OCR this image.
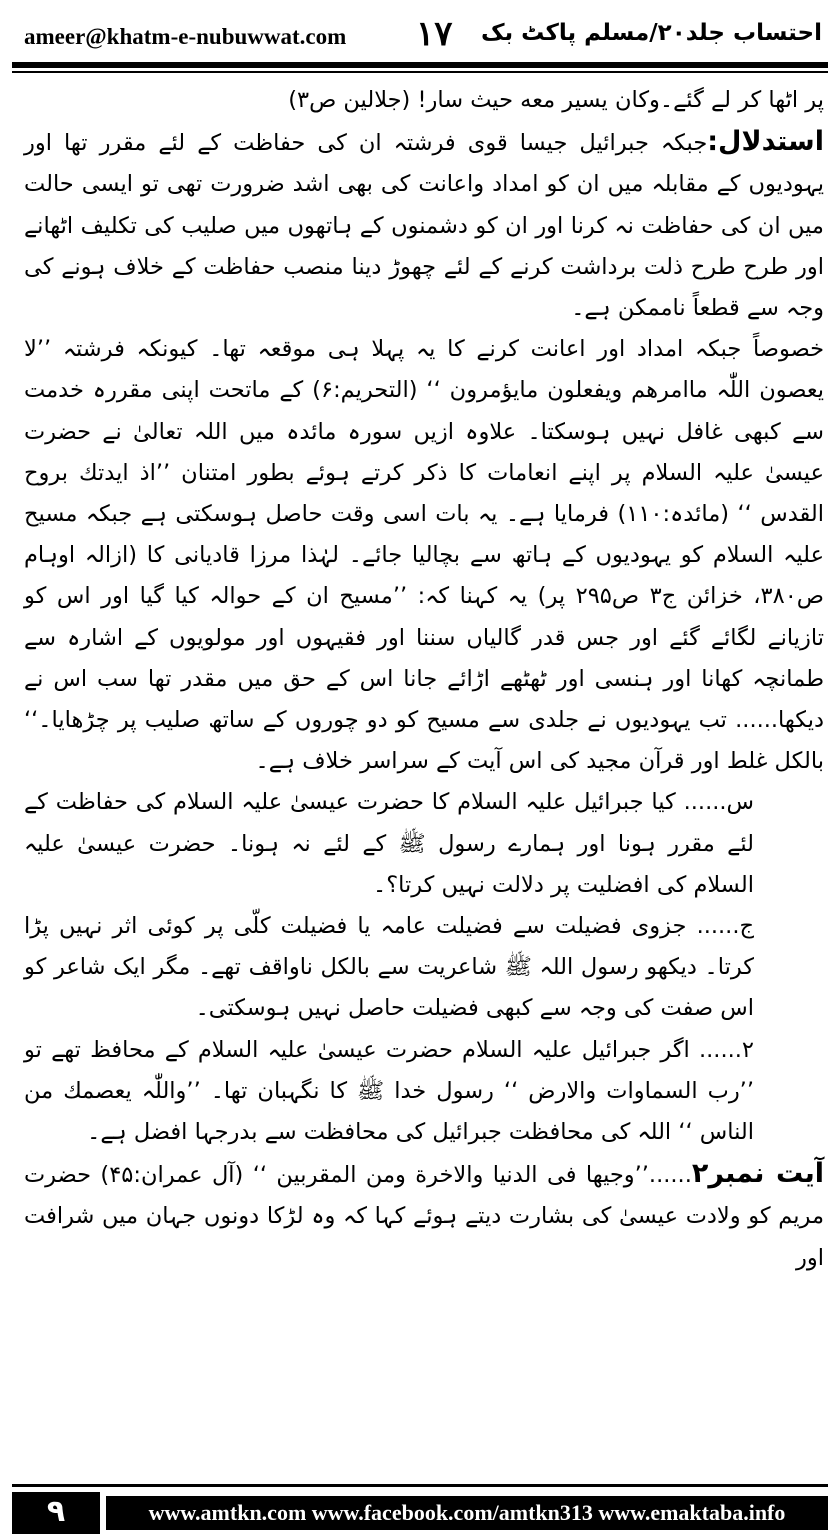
ameer@khatm-e-nubuwwat.com ١٧ احتساب جلد۲۰/مسلم پاکٹ بک

پر اٹھا کر لے گئے۔وکان یسیر معه حیث سار! (جلالین ص۳)

استدلال:جبکہ جبرائیل جیسا قوی فرشتہ ان کی حفاظت کے لئے مقرر تھا اور یہودیوں کے مقابلہ میں ان کو امداد واعانت کی بھی اشد ضرورت تھی تو ایسی حالت میں ان کی حفاظت نہ کرنا اور ان کو دشمنوں کے ہاتھوں میں صلیب کی تکلیف اٹھانے اور طرح طرح ذلت برداشت کرنے کے لئے چھوڑ دینا منصب حفاظت کے خلاف ہونے کی وجہ سے قطعاً ناممکن ہے۔

خصوصاً جبکہ امداد اور اعانت کرنے کا یہ پہلا ہی موقعہ تھا۔ کیونکہ فرشتہ ’’لا یعصون اللّٰہ ماامرھم ویفعلون مایؤمرون ‘‘ (التحریم:۶) کے ماتحت اپنی مقررہ خدمت سے کبھی غافل نہیں ہوسکتا۔ علاوہ ازیں سورہ مائدہ میں اللہ تعالیٰ نے حضرت عیسیٰ علیہ السلام پر اپنے انعامات کا ذکر کرتے ہوئے بطور امتنان ’’اذ ایدتك بروح القدس ‘‘ (مائدہ:۱۱۰) فرمایا ہے۔ یہ بات اسی وقت حاصل ہوسکتی ہے جبکہ مسیح علیہ السلام کو یہودیوں کے ہاتھ سے بچالیا جائے۔ لہٰذا مرزا قادیانی کا (ازالہ اوہام ص۳۸۰، خزائن ج۳ ص۲۹۵ پر) یہ کہنا کہ: ’’مسیح ان کے حوالہ کیا گیا اور اس کو تازیانے لگائے گئے اور جس قدر گالیاں سننا اور فقیہوں اور مولویوں کے اشارہ سے طمانچہ کھانا اور ہنسی اور ٹھٹھے اڑائے جانا اس کے حق میں مقدر تھا سب اس نے دیکھا...... تب یہودیوں نے جلدی سے مسیح کو دو چوروں کے ساتھ صلیب پر چڑھایا۔‘‘ بالکل غلط اور قرآن مجید کی اس آیت کے سراسر خلاف ہے۔

س...... کیا جبرائیل علیہ السلام کا حضرت عیسیٰ علیہ السلام کی حفاظت کے لئے مقرر ہونا اور ہمارے رسول ﷺ کے لئے نہ ہونا۔ حضرت عیسیٰ علیہ السلام کی افضلیت پر دلالت نہیں کرتا؟۔

ج...... جزوی فضیلت سے فضیلت عامہ یا فضیلت کلّی پر کوئی اثر نہیں پڑا کرتا۔ دیکھو رسول اللہ ﷺ شاعریت سے بالکل ناواقف تھے۔ مگر ایک شاعر کو اس صفت کی وجہ سے کبھی فضیلت حاصل نہیں ہوسکتی۔

۲...... اگر جبرائیل علیہ السلام حضرت عیسیٰ علیہ السلام کے محافظ تھے تو ’’رب السماوات والارض ‘‘ رسول خدا ﷺ کا نگہبان تھا۔ ’’واللّٰہ یعصمك من الناس ‘‘ اللہ کی محافظت جبرائیل کی محافظت سے بدرجہا افضل ہے۔

آیت نمبر۲......’’وجیها فی الدنیا والاخرة ومن المقربین ‘‘ (آل عمران:۴۵) حضرت مریم کو ولادت عیسیٰ کی بشارت دیتے ہوئے کہا کہ وہ لڑکا دونوں جہان میں شرافت اور

۹	www.amtkn.com www.facebook.com/amtkn313 www.emaktaba.info
